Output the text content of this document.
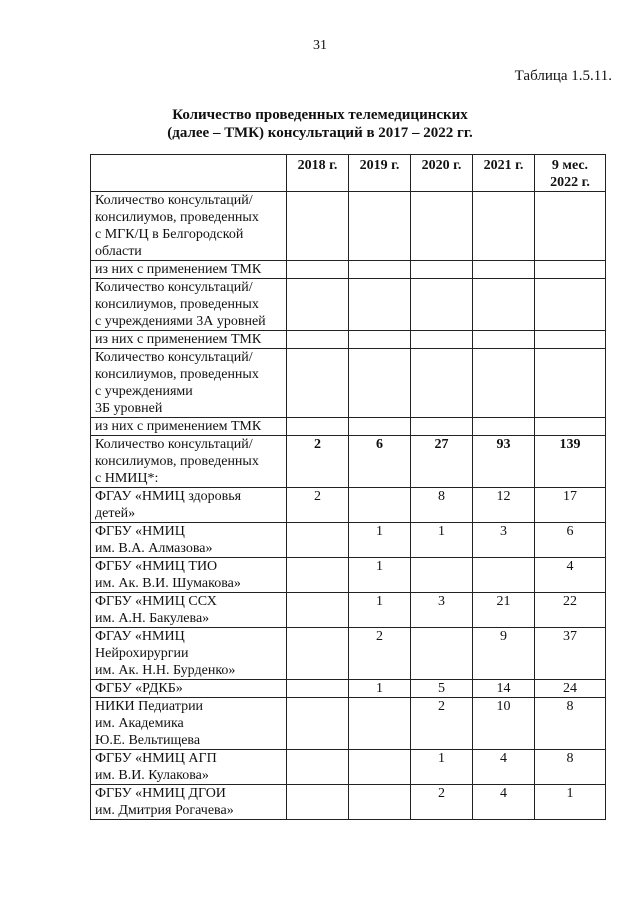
31
Таблица 1.5.11.
Количество проведенных телемедицинских
(далее – ТМК) консультаций в 2017 – 2022 гг.
	2018 г.	2019 г.	2020 г.	2021 г.	9 мес.
2022 г.
Количество консультаций/
консилиумов, проведенных
с МГК/Ц в Белгородской
области					
из них с применением ТМК					
Количество консультаций/
консилиумов, проведенных
с учреждениями 3А уровней					
из них с применением ТМК					
Количество консультаций/
консилиумов, проведенных
с учреждениями
3Б уровней					
из них с применением ТМК					
Количество консультаций/
консилиумов, проведенных
с НМИЦ*:	2	6	27	93	139
ФГАУ «НМИЦ здоровья
детей»	2		8	12	17
ФГБУ «НМИЦ
им. В.А. Алмазова»		1	1	3	6
ФГБУ «НМИЦ ТИО
им. Ак. В.И. Шумакова»		1			4
ФГБУ «НМИЦ ССХ
им. А.Н. Бакулева»		1	3	21	22
ФГАУ «НМИЦ
Нейрохирургии
им. Ак. Н.Н. Бурденко»		2		9	37
ФГБУ «РДКБ»		1	5	14	24
НИКИ Педиатрии
им. Академика
Ю.Е. Вельтищева			2	10	8
ФГБУ «НМИЦ АГП
им. В.И. Кулакова»			1	4	8
ФГБУ «НМИЦ ДГОИ
им. Дмитрия Рогачева»			2	4	1
